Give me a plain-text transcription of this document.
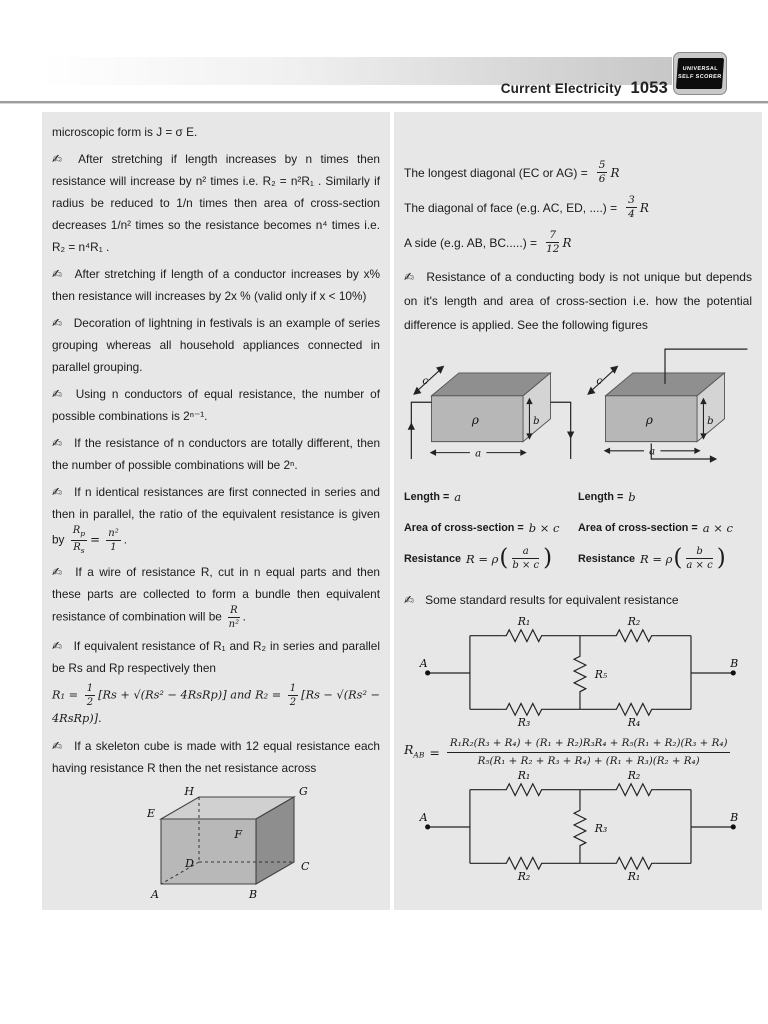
Current Electricity 1053
UNIVERSAL
SELF SCORER
microscopic form is J = σ E.
✍ After stretching if length increases by n times then resistance will increase by n² times i.e. R₂ = n²R₁ . Similarly if radius be reduced to 1/n times then area of cross-section decreases 1/n² times so the resistance becomes n⁴ times i.e. R₂ = n⁴R₁ .
✍ After stretching if length of a conductor increases by x% then resistance will increases by 2x % (valid only if x < 10%)
✍ Decoration of lightning in festivals is an example of series grouping whereas all household appliances connected in parallel grouping.
✍ Using n conductors of equal resistance, the number of possible combinations is 2ⁿ⁻¹.
✍ If the resistance of n conductors are totally different, then the number of possible combinations will be 2ⁿ.
✍ If n identical resistances are first connected in series and then in parallel, the ratio of the equivalent resistance is given by $\frac{R_p}{R_s} = \frac{\text{n²}}{1}$ .
✍ If a wire of resistance R, cut in n equal parts and then these parts are collected to form a bundle then equivalent resistance of combination will be $\frac{R}{\text{n²}}$ .
✍ If equivalent resistance of R₁ and R₂ in series and parallel be Rs and Rp respectively then
$R_1 = \frac{1}{2} [Rs + √(Rs^2$ − 4RsRp)] and $R_2 = \frac{1}{2} [Rs - √(Rs^2$ − 4RsRp)].
✍ If a skeleton cube is made with 12 equal resistance each having resistance R then the net resistance across
H	G
E
F
D	C
A	B
The longest diagonal (EC or $AG) = \frac{5}{6}$ R
The diagonal of face (e.g. AC, ED, ....) = $\frac{3}{4}$ R
A side (e.g. AB, $BC.....) = \frac{7}{12}$ R
✍ Resistance of a conducting body is not unique but depends on it's length and area of cross-section i.e. how the potential difference is applied. See the following figures
ρ
c
b
a
ρ
c
b
a
Length = a
Area of cross-section = b × c
Resistance R = ρ ( $\frac{a}{b \times c}$ )
Length = b
Area of cross-section = a × c
Resistance R = ρ ( $\frac{b}{a \times c}$ )
✍ Some standard results for equivalent resistance
A	B
R₁	R₂
R₃	R₄
R₅
$R_{AB} = \frac{\text{R₁R₂(R₃ + R₄) + (R₁ + R₂)R₃R₄ + R₅(R₁ + R₂)(R₃ + R₄)}}{\text{R₅(R₁ + R₂ + R₃ + R₄) + (R₁ + R₃)(R₂ + R₄)}}$
A	B
R₁	R₂
R₂	R₁
R₃
